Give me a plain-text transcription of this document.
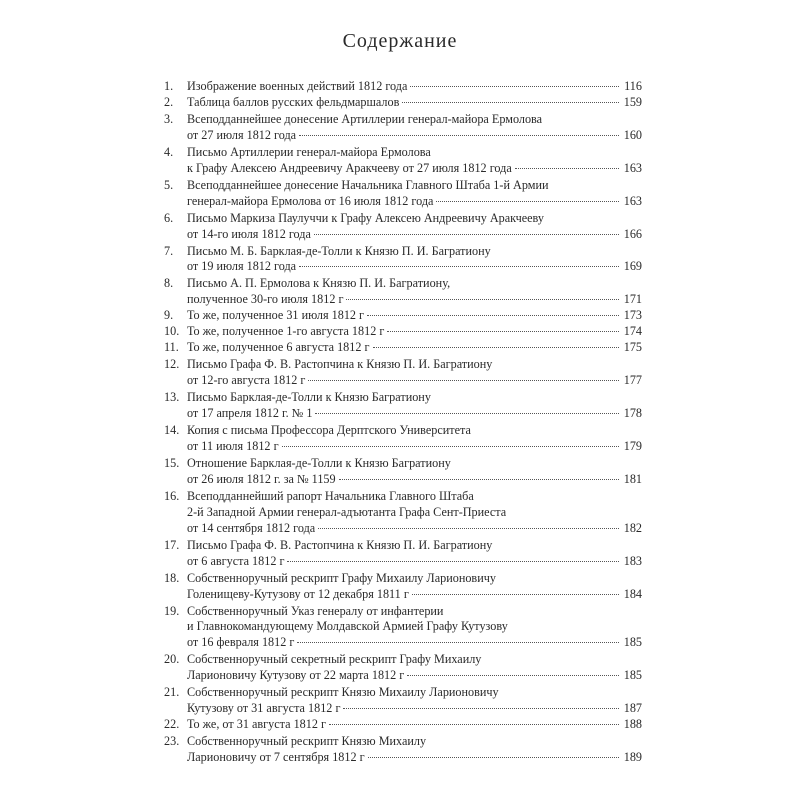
Содержание
1.	Изображение военных действий 1812 года	116
2.	Таблица баллов русских фельдмаршалов	159
3.	Всеподданнейшее донесение Артиллерии генерал-майора Ермолова
от 27 июля 1812 года	160
4.	Письмо Артиллерии генерал-майора Ермолова
к Графу Алексею Андреевичу Аракчееву от 27 июля 1812 года	163
5.	Всеподданнейшее донесение Начальника Главного Штаба 1-й Армии
генерал-майора Ермолова от 16 июля 1812 года	163
6.	Письмо Маркиза Паулуччи к Графу Алексею Андреевичу Аракчееву
от 14-го июля 1812 года	166
7.	Письмо М. Б. Барклая-де-Толли к Князю П. И. Багратиону
от 19 июля 1812 года	169
8.	Письмо А. П. Ермолова к Князю П. И. Багратиону,
полученное 30-го июля 1812 г	171
9.	То же, полученное 31 июля 1812 г	173
10. То же, полученное 1-го августа 1812 г	174
11. То же, полученное 6 августа 1812 г	175
12. Письмо Графа Ф. В. Растопчина к Князю П. И. Багратиону
от 12-го августа 1812 г	177
13. Письмо Барклая-де-Толли к Князю Багратиону
от 17 апреля 1812 г. № 1	178
14. Копия с письма Профессора Дерптского Университета
от 11 июля 1812 г	179
15. Отношение Барклая-де-Толли к Князю Багратиону
от 26 июля 1812 г. за № 1159	181
16. Всеподданнейший рапорт Начальника Главного Штаба
2-й Западной Армии генерал-адъютанта Графа Сент-Приеста
от 14 сентября 1812 года	182
17. Письмо Графа Ф. В. Растопчина к Князю П. И. Багратиону
от 6 августа 1812 г	183
18. Собственноручный рескрипт Графу Михаилу Ларионовичу
Голенищеву-Кутузову от 12 декабря 1811 г	184
19. Собственноручный Указ генералу от инфантерии
и Главнокомандующему Молдавской Армией Графу Кутузову
от 16 февраля 1812 г	185
20. Собственноручный секретный рескрипт Графу Михаилу
Ларионовичу Кутузову от 22 марта 1812 г	185
21. Собственноручный рескрипт Князю Михаилу Ларионовичу
Кутузову от 31 августа 1812 г	187
22. То же, от 31 августа 1812 г	188
23. Собственноручный рескрипт Князю Михаилу
Ларионовичу от 7 сентября 1812 г	189
